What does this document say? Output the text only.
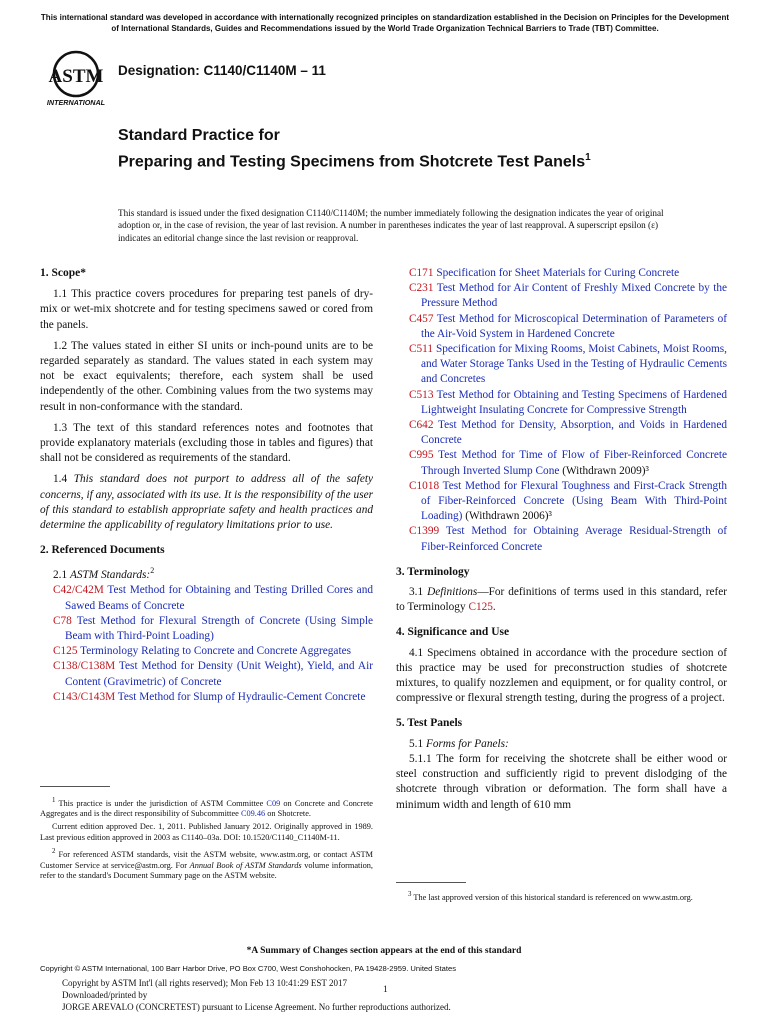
This international standard was developed in accordance with internationally recognized principles on standardization established in the Decision on Principles for the Development of International Standards, Guides and Recommendations issued by the World Trade Organization Technical Barriers to Trade (TBT) Committee.
ASTM
INTERNATIONAL
Designation: C1140/C1140M – 11
Standard Practice for
Preparing and Testing Specimens from Shotcrete Test Panels$^1$
This standard is issued under the fixed designation C1140/C1140M; the number immediately following the designation indicates the year of original adoption or, in the case of revision, the year of last revision. A number in parentheses indicates the year of last reapproval. A superscript epsilon (ε) indicates an editorial change since the last revision or reapproval.
1. Scope*

1.1 This practice covers procedures for preparing test panels of dry-mix or wet-mix shotcrete and for testing specimens sawed or cored from the panels.

1.2 The values stated in either SI units or inch-pound units are to be regarded separately as standard. The values stated in each system may not be exact equivalents; therefore, each system shall be used independently of the other. Combining values from the two systems may result in non-conformance with the standard.

1.3 The text of this standard references notes and footnotes that provide explanatory materials (excluding those in tables and figures) that shall not be considered as requirements of the standard.

1.4 This standard does not purport to address all of the safety concerns, if any, associated with its use. It is the responsibility of the user of this standard to establish appropriate safety and health practices and determine the applicability of regulatory limitations prior to use.

2. Referenced Documents

2.1 ASTM Standards:$^2$

C42/C42M Test Method for Obtaining and Testing Drilled Cores and Sawed Beams of Concrete
C78 Test Method for Flexural Strength of Concrete (Using Simple Beam with Third-Point Loading)
C125 Terminology Relating to Concrete and Concrete Aggregates
C138/C138M Test Method for Density (Unit Weight), Yield, and Air Content (Gravimetric) of Concrete
C143/C143M Test Method for Slump of Hydraulic-Cement Concrete

$^1$ This practice is under the jurisdiction of ASTM Committee C09 on Concrete and Concrete Aggregates and is the direct responsibility of Subcommittee C09.46 on Shotcrete.

Current edition approved Dec. 1, 2011. Published January 2012. Originally approved in 1989. Last previous edition approved in 2003 as C1140–03a. DOI: 10.1520/C1140_C1140M-11.

$^2$ For referenced ASTM standards, visit the ASTM website, www.astm.org, or contact ASTM Customer Service at service@astm.org. For Annual Book of ASTM Standards volume information, refer to the standard's Document Summary page on the ASTM website.

C171 Specification for Sheet Materials for Curing Concrete
C231 Test Method for Air Content of Freshly Mixed Concrete by the Pressure Method
C457 Test Method for Microscopical Determination of Parameters of the Air-Void System in Hardened Concrete
C511 Specification for Mixing Rooms, Moist Cabinets, Moist Rooms, and Water Storage Tanks Used in the Testing of Hydraulic Cements and Concretes
C513 Test Method for Obtaining and Testing Specimens of Hardened Lightweight Insulating Concrete for Compressive Strength
C642 Test Method for Density, Absorption, and Voids in Hardened Concrete
C995 Test Method for Time of Flow of Fiber-Reinforced Concrete Through Inverted Slump Cone (Withdrawn 2009)³
C1018 Test Method for Flexural Toughness and First-Crack Strength of Fiber-Reinforced Concrete (Using Beam With Third-Point Loading) (Withdrawn 2006)³
C1399 Test Method for Obtaining Average Residual-Strength of Fiber-Reinforced Concrete
3. Terminology

3.1 Definitions—For definitions of terms used in this standard, refer to Terminology C125.

4. Significance and Use

4.1 Specimens obtained in accordance with the procedure section of this practice may be used for preconstruction studies of shotcrete mixtures, to qualify nozzlemen and equipment, or for quality control, or compressive or flexural strength testing, during the progress of a project.

5. Test Panels

5.1 Forms for Panels:

5.1.1 The form for receiving the shotcrete shall be either wood or steel construction and sufficiently rigid to prevent dislodging of the shotcrete through vibration or deformation. The form shall have a minimum width and length of 610 mm

$^3$ The last approved version of this historical standard is referenced on www.astm.org.

*A Summary of Changes section appears at the end of this standard
Copyright © ASTM International, 100 Barr Harbor Drive, PO Box C700, West Conshohocken, PA 19428-2959. United States
Copyright by ASTM Int'l (all rights reserved); Mon Feb 13 10:41:29 EST 2017
Downloaded/printed by
JORGE AREVALO (CONCRETEST) pursuant to License Agreement. No further reproductions authorized.
1
